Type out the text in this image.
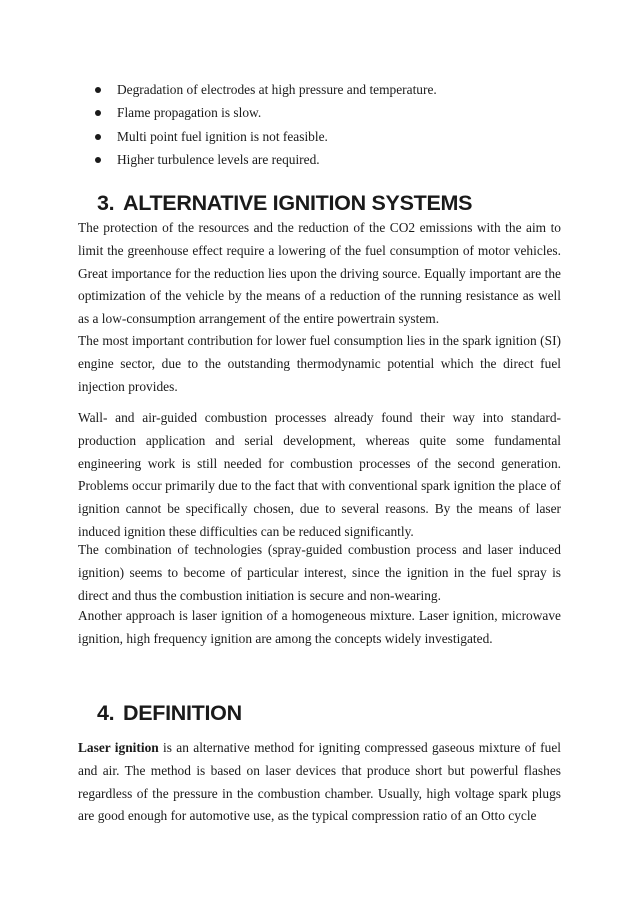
Degradation of electrodes at high pressure and temperature.
Flame propagation is slow.
Multi point fuel ignition is not feasible.
Higher turbulence levels are required.
3. ALTERNATIVE IGNITION SYSTEMS

The protection of the resources and the reduction of the CO2 emissions with the aim to limit the greenhouse effect require a lowering of the fuel consumption of motor vehicles. Great importance for the reduction lies upon the driving source. Equally important are the optimization of the vehicle by the means of a reduction of the running resistance as well as a low-consumption arrangement of the entire powertrain system.

The most important contribution for lower fuel consumption lies in the spark ignition (SI) engine sector, due to the outstanding thermodynamic potential which the direct fuel injection provides.

Wall- and air-guided combustion processes already found their way into standard-production application and serial development, whereas quite some fundamental engineering work is still needed for combustion processes of the second generation. Problems occur primarily due to the fact that with conventional spark ignition the place of ignition cannot be specifically chosen, due to several reasons. By the means of laser induced ignition these difficulties can be reduced significantly.

The combination of technologies (spray-guided combustion process and laser induced ignition) seems to become of particular interest, since the ignition in the fuel spray is direct and thus the combustion initiation is secure and non-wearing.

Another approach is laser ignition of a homogeneous mixture. Laser ignition, microwave ignition, high frequency ignition are among the concepts widely investigated.

4. DEFINITION

Laser ignition is an alternative method for igniting compressed gaseous mixture of fuel and air. The method is based on laser devices that produce short but powerful flashes regardless of the pressure in the combustion chamber. Usually, high voltage spark plugs are good enough for automotive use, as the typical compression ratio of an Otto cycle
